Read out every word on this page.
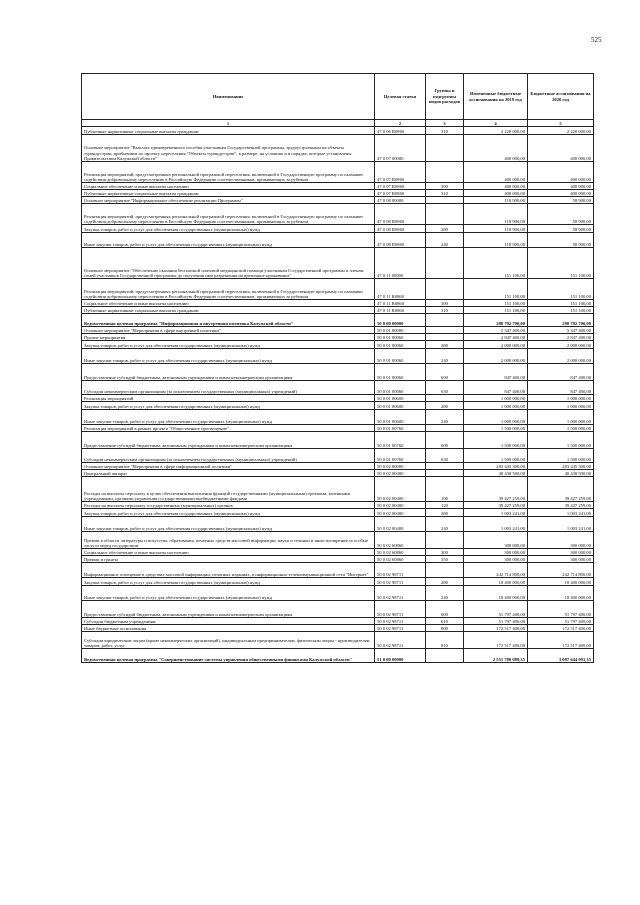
525
Наименование	Целевая статья	Группы и подгруппы видов расходов	Измененные бюджетные ассигнования на 2019 год	Бюджетные ассигнования на 2020 год
1	2	3	4	5
Публичные нормативные социальные выплаты гражданам	47 0 06 R0860	310	2 220 000,00	2 220 000,00
Основное мероприятие "Выплата единовременного пособия участникам Государственной программы, трудоустроенным на объекты туриндустрии, прибывшим по проекту переселения "Объекты туриндустрии", в размере, на условиях и в порядке, которые установлены Правительством Калужской области"	47 0 07 00000		400 000,00	400 000,00
Реализация мероприятий, предусмотренных региональной программой переселения, включенной в Государственную программу по оказанию содействия добровольному переселению в Российскую Федерацию соотечественников, проживающих за рубежом	47 0 07 R0860		400 000,00	400 000,00
Социальное обеспечение и иные выплаты населению	47 0 07 R0860	300	400 000,00	400 000,00
Публичные нормативные социальные выплаты гражданам	47 0 07 R0860	310	400 000,00	400 000,00
Основное мероприятие "Информационное обеспечение реализации Программы"	47 0 08 00000		118 900,00	58 900,00
Реализация мероприятий, предусмотренных региональной программой переселения, включенной в Государственную программу по оказанию содействия добровольному переселению в Российскую Федерацию соотечественников, проживающих за рубежом	47 0 08 R0860		118 900,00	58 900,00
Закупка товаров, работ и услуг для обеспечения государственных (муниципальных) нужд	47 0 08 R0860	200	118 900,00	58 900,00
Иные закупки товаров, работ и услуг для обеспечения государственных (муниципальных) нужд	47 0 08 R0860	240	118 900,00	58 900,00
Основное мероприятие "Обеспечение оказания бесплатной платовой медицинской помощи участникам Государственной программы и членам семей участников Государственной программы до получения ими разрешения на временное проживание"	47 0 11 00000		151 100,00	151 100,00
Реализация мероприятий, предусмотренных региональной программой переселения, включенной в Государственную программу по оказанию содействия добровольному переселению в Российскую Федерацию соотечественников, проживающих за рубежом	47 0 11 R0860		151 100,00	151 100,00
Социальное обеспечение и иные выплаты населению	47 0 11 R0860	300	151 100,00	151 100,00
Публичные нормативные социальные выплаты гражданам	47 0 11 R0860	310	151 100,00	151 100,00
Ведомственная целевая программа "Информационная и внутренняя политика Калужской области"	50 0 00 00000		288 792 700,00	288 792 700,00
Основное мероприятие "Мероприятия в сфере внутренней политики"	50 0 01 00000		5 347 400,00	5 347 400,00
Прочие мероприятия	50 0 01 00060		2 847 400,00	2 847 400,00
Закупка товаров, работ и услуг для обеспечения государственных (муниципальных) нужд	50 0 01 00060	200	2 000 000,00	2 000 000,00
Иные закупки товаров, работ и услуг для обеспечения государственных (муниципальных) нужд	50 0 01 00060	240	2 000 000,00	2 000 000,00
Предоставление субсидий бюджетным, автономным учреждениям и иным некоммерческим организациям	50 0 01 00060	600	847 400,00	847 400,00
Субсидии некоммерческим организациям (за исключением государственных (муниципальных) учреждений)	50 0 01 00060	630	847 400,00	847 400,00
Реализация мероприятий	50 0 01 00600		1 000 000,00	1 000 000,00
Закупка товаров, работ и услуг для обеспечения государственных (муниципальных) нужд	50 0 01 00600	200	1 000 000,00	1 000 000,00
Иные закупки товаров, работ и услуг для обеспечения государственных (муниципальных) нужд	50 0 01 00600	240	1 000 000,00	1 000 000,00
Реализация мероприятий в рамках проекта "Общественное просвещение"	50 0 01 00760		1 500 000,00	1 500 000,00
Предоставление субсидий бюджетным, автономным учреждениям и иным некоммерческим организациям	50 0 01 00760	600	1 500 000,00	1 500 000,00
Субсидии некоммерческим организациям (за исключением государственных (муниципальных) учреждений)	50 0 01 00760	630	1 500 000,00	1 500 000,00
Основное мероприятие "Мероприятия в сфере информационной политики"	50 0 02 00000		283 445 300,00	283 445 300,00
Центральный аппарат	50 0 02 00400		40 430 500,00	40 430 500,00
Расходы на выплаты персоналу в целях обеспечения выполнения функций государственными (муниципальными) органами, казенными учреждениями, органами управления государственными внебюджетными фондами	50 0 02 00400	100	39 427 259,00	39 427 259,00
Расходы на выплаты персоналу государственных (муниципальных) органов	50 0 02 00400	120	39 427 259,00	39 427 259,00
Закупка товаров, работ и услуг для обеспечения государственных (муниципальных) нужд	50 0 02 00400	200	1 003 241,00	1 003 241,00
Иные закупки товаров, работ и услуг для обеспечения государственных (муниципальных) нужд	50 0 02 00400	240	1 003 241,00	1 003 241,00
Премии в области литературы и искусства, образования, печатных средств массовой информации, науки и техники и иные поощрения за особые заслуги перед государством	50 0 02 60860		300 000,00	300 000,00
Социальное обеспечение и иные выплаты населению	50 0 02 60860	300	300 000,00	300 000,00
Премии и гранты	50 0 02 60860	350	300 000,00	300 000,00
Информационное освещение в средствах массовой информации, печатных изданиях, в информационно-телекоммуникационной сети "Интернет"	50 0 02 98711		242 714 800,00	242 714 800,00
Закупка товаров, работ и услуг для обеспечения государственных (муниципальных) нужд	50 0 02 98711	200	18 400 000,00	18 400 000,00
Иные закупки товаров, работ и услуг для обеспечения государственных (муниципальных) нужд	50 0 02 98711	240	18 400 000,00	18 400 000,00
Предоставление субсидий бюджетным, автономным учреждениям и иным некоммерческим организациям	50 0 02 98711	600	51 797 400,00	51 797 400,00
Субсидии бюджетным учреждениям	50 0 02 98711	610	51 797 400,00	51 797 400,00
Иные бюджетные ассигнования	50 0 02 98711	800	172 517 400,00	172 517 400,00
Субсидии юридическим лицам (кроме некоммерческих организаций), индивидуальным предпринимателям, физическим лицам - производителям товаров, работ, услуг	50 0 02 98711	810	172 517 400,00	172 517 400,00
Ведомственная целевая программа "Совершенствование системы управления общественными финансами Калужской области"	51 0 00 00000		2 551 780 089,35	3 087 644 991,35
